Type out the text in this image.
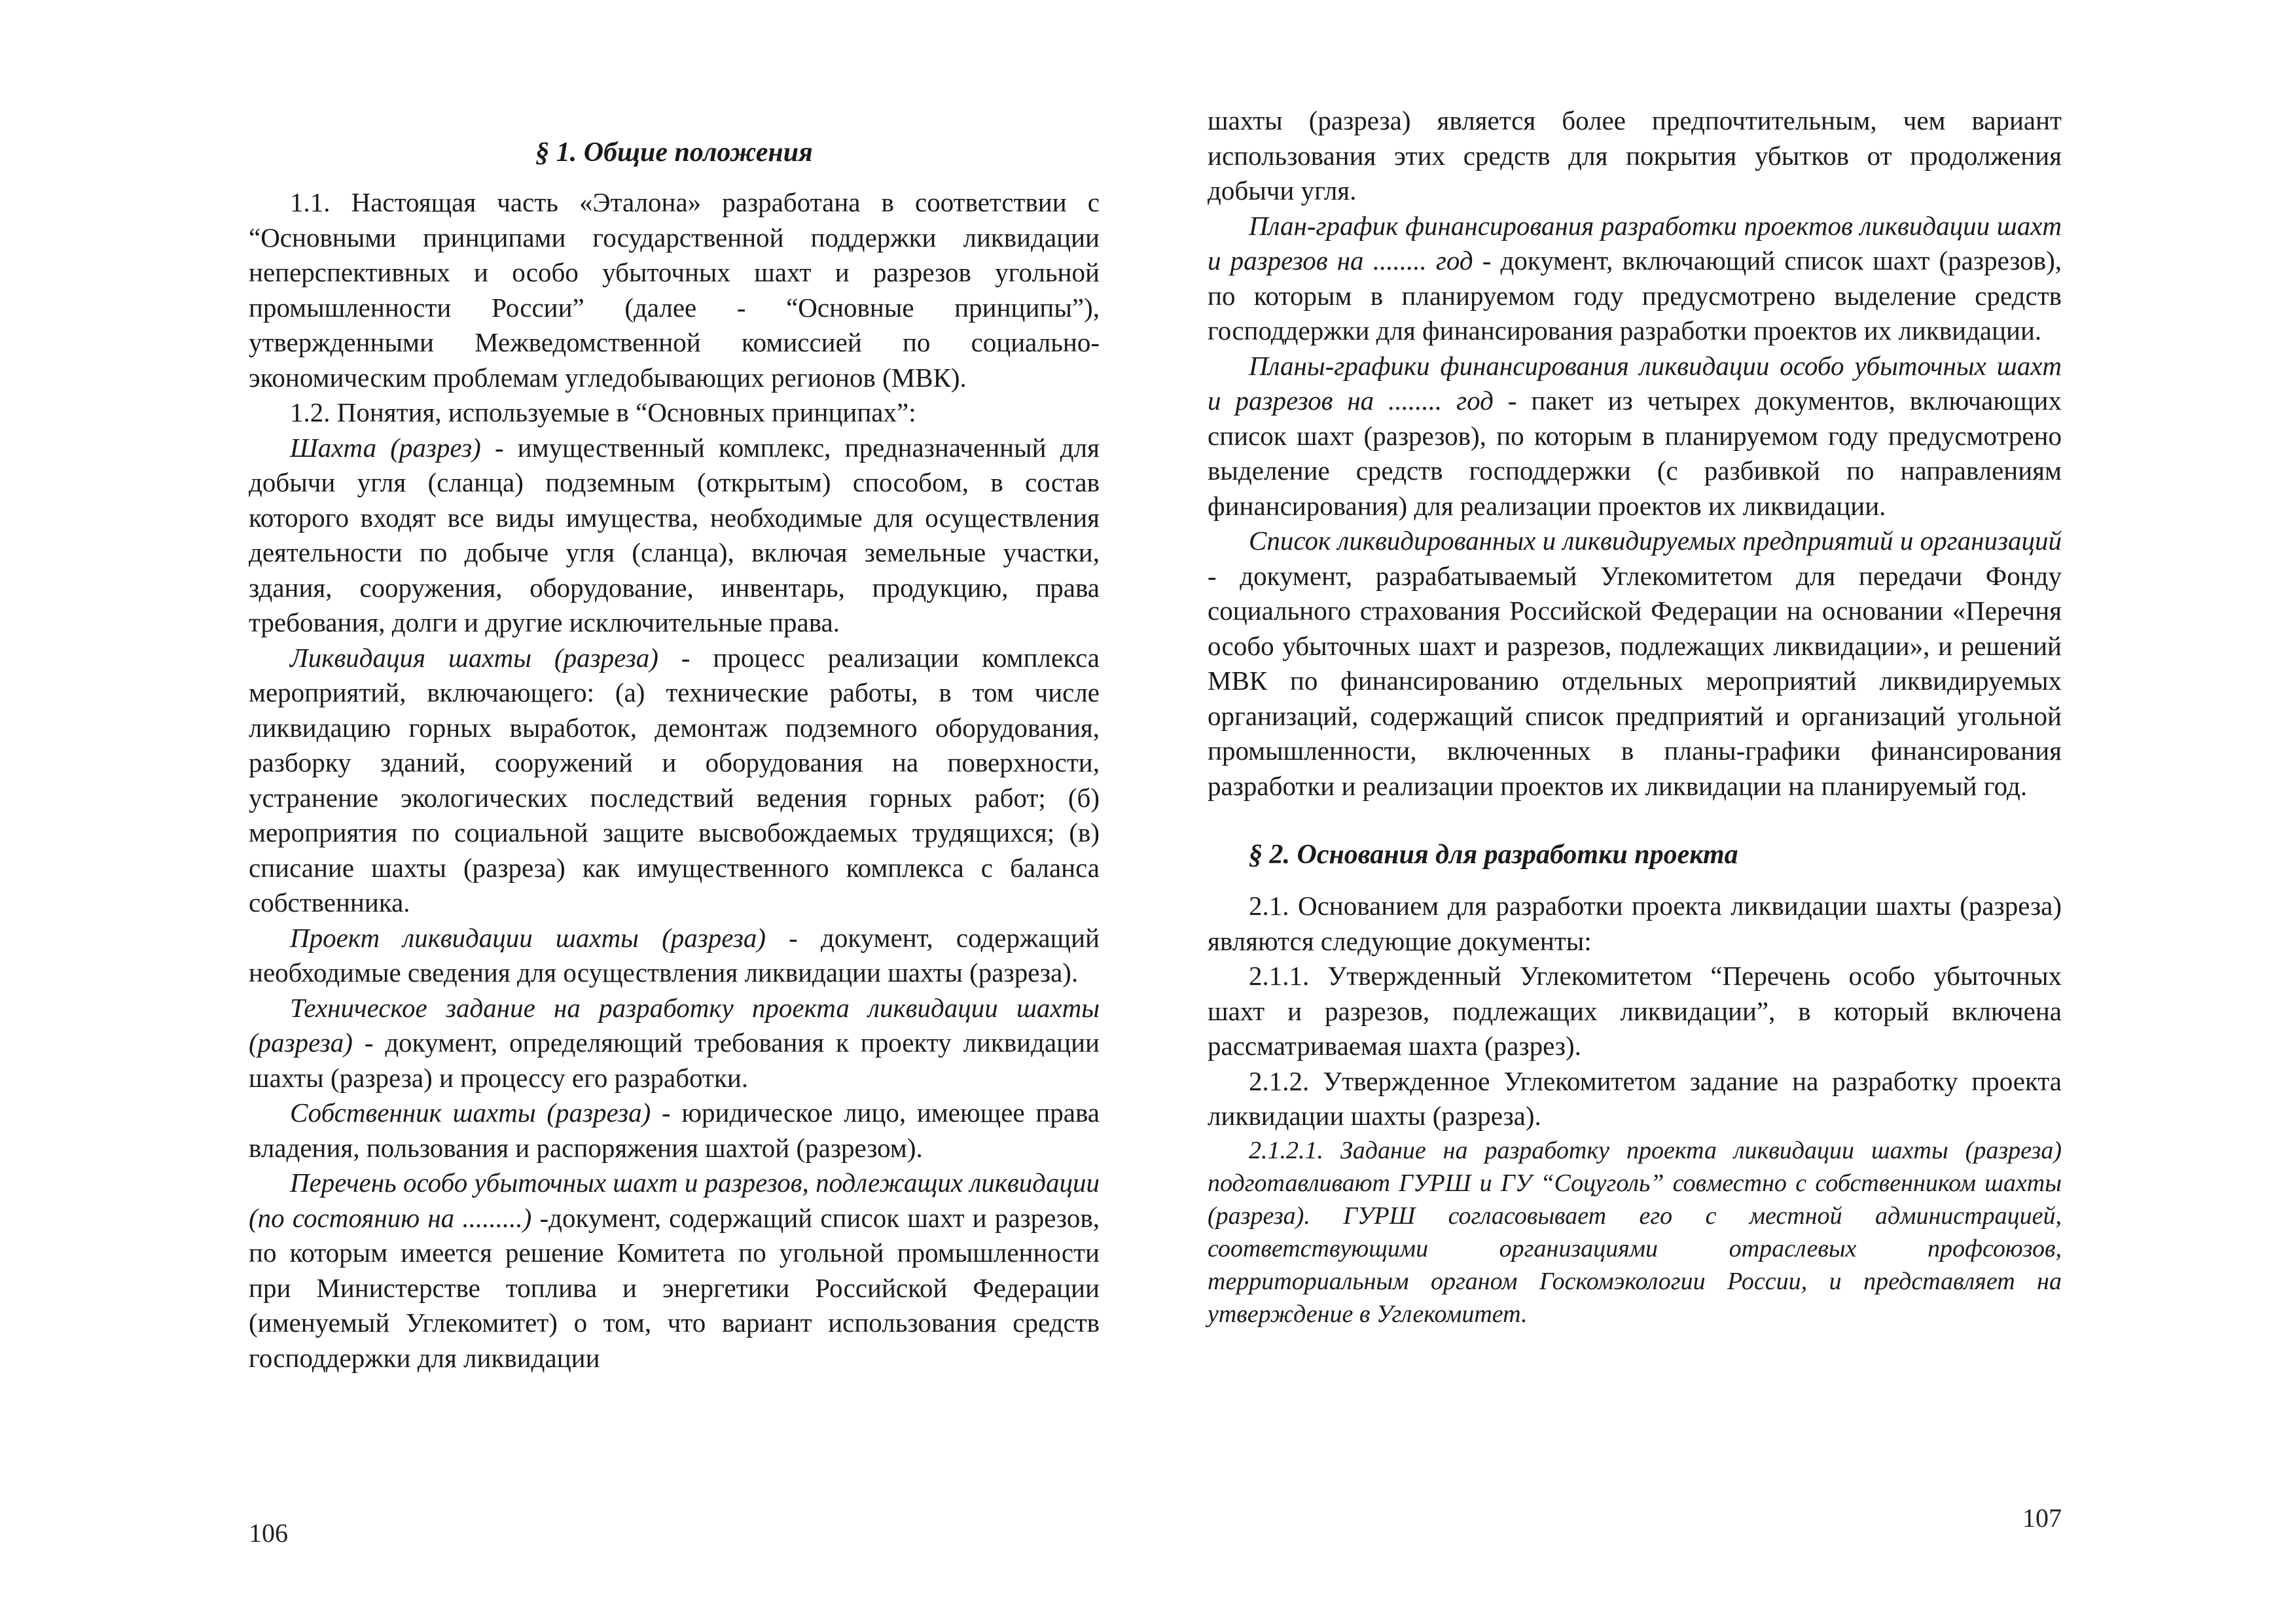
§ 1. Общие положения

1.1. Настоящая часть «Эталона» разработана в соответствии с “Основными принципами государственной поддержки ликвидации неперспективных и особо убыточных шахт и разрезов угольной промышленности России” (далее - “Основные принципы”), утвержденными Межведомственной комиссией по социально-экономическим проблемам угледобывающих регионов (МВК).

1.2. Понятия, используемые в “Основных принципах”:

Шахта (разрез) - имущественный комплекс, предназначенный для добычи угля (сланца) подземным (открытым) способом, в состав которого входят все виды имущества, необходимые для осуществления деятельности по добыче угля (сланца), включая земельные участки, здания, сооружения, оборудование, инвентарь, продукцию, права требования, долги и другие исключительные права.

Ликвидация шахты (разреза) - процесс реализации комплекса мероприятий, включающего: (а) технические работы, в том числе ликвидацию горных выработок, демонтаж подземного оборудования, разборку зданий, сооружений и оборудования на поверхности, устранение экологических последствий ведения горных работ; (б) мероприятия по социальной защите высвобождаемых трудящихся; (в) списание шахты (разреза) как имущественного комплекса с баланса собственника.

Проект ликвидации шахты (разреза) - документ, содержащий необходимые сведения для осуществления ликвидации шахты (разреза).

Техническое задание на разработку проекта ликвидации шахты (разреза) - документ, определяющий требования к проекту ликвидации шахты (разреза) и процессу его разработки.

Собственник шахты (разреза) - юридическое лицо, имеющее права владения, пользования и распоряжения шахтой (разрезом).

Перечень особо убыточных шахт и разрезов, подлежащих ликвидации (по состоянию на .........) -документ, содержащий список шахт и разрезов, по которым имеется решение Комитета по угольной промышленности при Министерстве топлива и энергетики Российской Федерации (именуемый Углекомитет) о том, что вариант использования средств господдержки для ликвидации

106

шахты (разреза) является более предпочтительным, чем вариант использования этих средств для покрытия убытков от продолжения добычи угля.

План-график финансирования разработки проектов ликвидации шахт и разрезов на ........ год - документ, включающий список шахт (разрезов), по которым в планируемом году предусмотрено выделение средств господдержки для финансирования разработки проектов их ликвидации.

Планы-графики финансирования ликвидации особо убыточных шахт и разрезов на ........ год - пакет из четырех документов, включающих список шахт (разрезов), по которым в планируемом году предусмотрено выделение средств господдержки (с разбивкой по направлениям финансирования) для реализации проектов их ликвидации.

Список ликвидированных и ликвидируемых предприятий и организаций - документ, разрабатываемый Углекомитетом для передачи Фонду социального страхования Российской Федерации на основании «Перечня особо убыточных шахт и разрезов, подлежащих ликвидации», и решений МВК по финансированию отдельных мероприятий ликвидируемых организаций, содержащий список предприятий и организаций угольной промышленности, включенных в планы-графики финансирования разработки и реализации проектов их ликвидации на планируемый год.

§ 2. Основания для разработки проекта

2.1. Основанием для разработки проекта ликвидации шахты (разреза) являются следующие документы:

2.1.1. Утвержденный Углекомитетом “Перечень особо убыточных шахт и разрезов, подлежащих ликвидации”, в который включена рассматриваемая шахта (разрез).

2.1.2. Утвержденное Углекомитетом задание на разработку проекта ликвидации шахты (разреза).

2.1.2.1. Задание на разработку проекта ликвидации шахты (разреза) подготавливают ГУРШ и ГУ “Соцуголь” совместно с собственником шахты (разреза). ГУРШ согласовывает его с местной администрацией, соответствующими организациями отраслевых профсоюзов, территориальным органом Госкомэкологии России, и представляет на утверждение в Углекомитет.

107
